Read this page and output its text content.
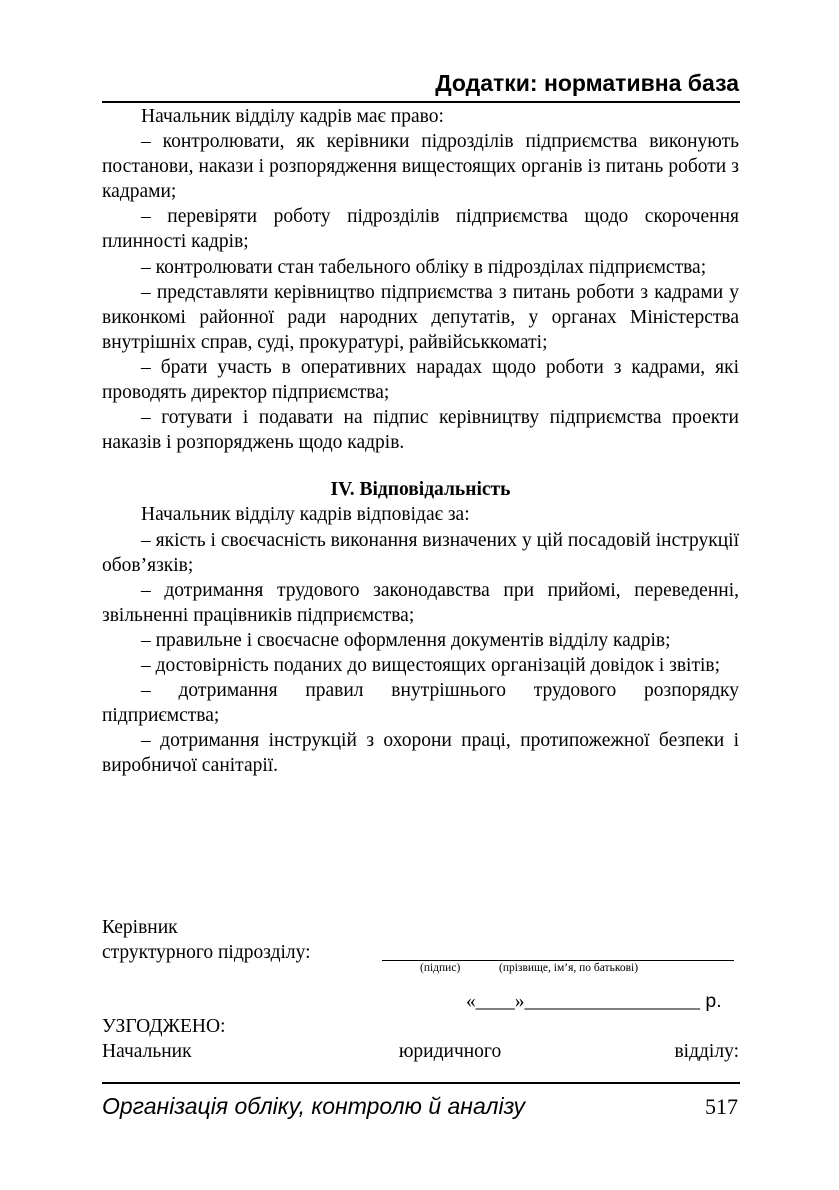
Додатки: нормативна база

Начальник відділу кадрів має право:

– контролювати, як керівники підрозділів підприємства виконують постанови, накази і розпорядження вищестоящих органів із питань роботи з кадрами;

– перевіряти роботу підрозділів підприємства щодо скорочення плинності кадрів;

– контролювати стан табельного обліку в підрозділах підприємства;

– представляти керівництво підприємства з питань роботи з кадрами у виконкомі районної ради народних депутатів, у органах Міністерства внутрішніх справ, суді, прокуратурі, райвійськкоматі;

– брати участь в оперативних нарадах щодо роботи з кадрами, які проводять директор підприємства;

– готувати і подавати на підпис керівництву підприємства проекти наказів і розпоряджень щодо кадрів.

IV. Відповідальність

Начальник відділу кадрів відповідає за:

– якість і своєчасність виконання визначених у цій посадовій інструкції обов’язків;

– дотримання трудового законодавства при прийомі, переведенні, звільненні працівників підприємства;

– правильне і своєчасне оформлення документів відділу кадрів;

– достовірність поданих до вищестоящих організацій довідок і звітів;

– дотримання правил внутрішнього трудового розпорядку підприємства;

– дотримання інструкцій з охорони праці, протипожежної безпеки і виробничої санітарії.

Керівник
структурного підрозділу:
(підпис)	(прізвище, ім’я, по батькові)
«____»__________________ р.
УЗГОДЖЕНО:
Начальник	юридичного	відділу:
Організація обліку, контролю й аналізу	517
